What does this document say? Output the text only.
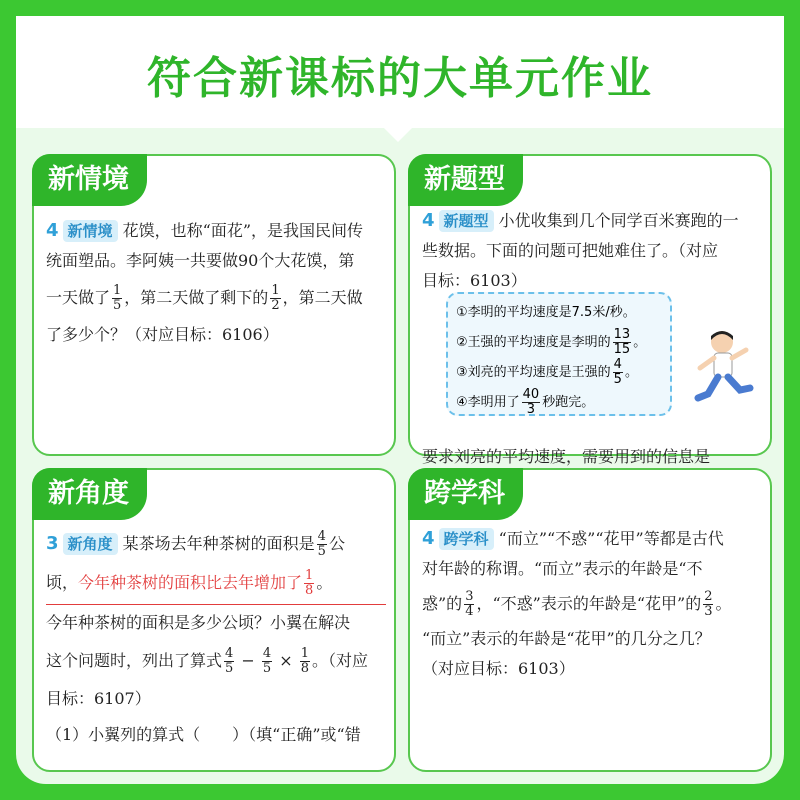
符合新课标的大单元作业
新情境
4 新情境 花馍，也称“面花”，是我国民间传
统面塑品。李阿姨一共要做90个大花馍，第
一天做了 $\frac{1}{5}$ ，第二天做了剩下的 $\frac{1}{2}$ ，第二天做
了多少个？（对应目标：6106）
新题型
4 新题型 小优收集到几个同学百米赛跑的一
些数据。下面的问题可把她难住了。（对应
目标：6103）
①李明的平均速度是7.5米/秒。
②王强的平均速度是李明的 $\frac{13}{15}$ 。
③刘亮的平均速度是王强的 $\frac{4}{5}$ 。
④李明用了 $\frac{40}{3}$ 秒跑完。
要求刘亮的平均速度，需要用到的信息是
新角度
3 新角度 某茶场去年种茶树的面积是 $\frac{4}{5}$ 公
顷，今年种茶树的面积比去年增加了 $\frac{1}{8}$ 。
今年种茶树的面积是多少公顷？小翼在解决
这个问题时，列出了算式 $\frac{4}{5} - \frac{4}{5} \times \frac{1}{8}$ 。（对应
目标：6107）
（1）小翼列的算式（　　）（填“正确”或“错
跨学科
4 跨学科 “而立”“不惑”“花甲”等都是古代
对年龄的称谓。“而立”表示的年龄是“不
惑”的 $\frac{3}{4}$ ，“不惑”表示的年龄是“花甲”的 $\frac{2}{3}$ 。
“而立”表示的年龄是“花甲”的几分之几？
（对应目标：6103）
